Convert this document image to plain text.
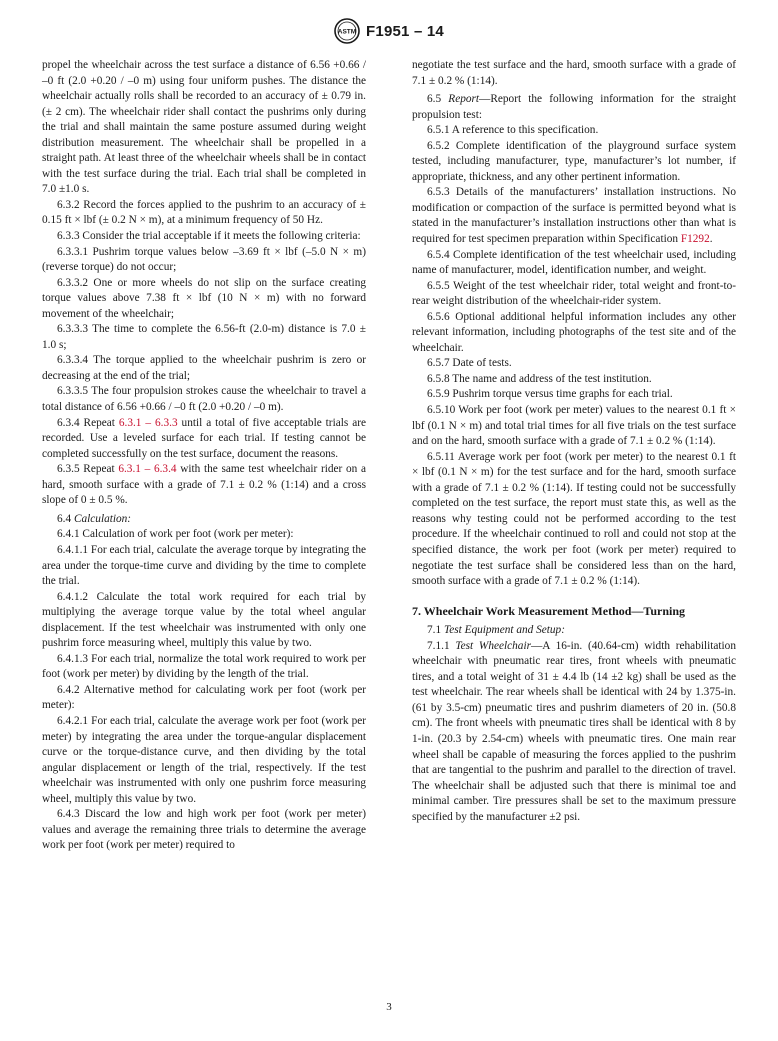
ASTM F1951 – 14

propel the wheelchair across the test surface a distance of 6.56 +0.66 / –0 ft (2.0 +0.20 / –0 m) using four uniform pushes. The distance the wheelchair actually rolls shall be recorded to an accuracy of ± 0.79 in. (± 2 cm). The wheelchair rider shall contact the pushrims only during the trial and shall maintain the same posture assumed during weight distribution measurement. The wheelchair shall be propelled in a straight path. At least three of the wheelchair wheels shall be in contact with the test surface during the trial. Each trial shall be completed in 7.0 ±1.0 s.

6.3.2 Record the forces applied to the pushrim to an accuracy of ± 0.15 ft × lbf (± 0.2 N × m), at a minimum frequency of 50 Hz.

6.3.3 Consider the trial acceptable if it meets the following criteria:

6.3.3.1 Pushrim torque values below –3.69 ft × lbf (–5.0 N × m) (reverse torque) do not occur;

6.3.3.2 One or more wheels do not slip on the surface creating torque values above 7.38 ft × lbf (10 N × m) with no forward movement of the wheelchair;

6.3.3.3 The time to complete the 6.56-ft (2.0-m) distance is 7.0 ± 1.0 s;

6.3.3.4 The torque applied to the wheelchair pushrim is zero or decreasing at the end of the trial;

6.3.3.5 The four propulsion strokes cause the wheelchair to travel a total distance of 6.56 +0.66 / –0 ft (2.0 +0.20 / –0 m).

6.3.4 Repeat 6.3.1 – 6.3.3 until a total of five acceptable trials are recorded. Use a leveled surface for each trial. If testing cannot be completed successfully on the test surface, document the reasons.

6.3.5 Repeat 6.3.1 – 6.3.4 with the same test wheelchair rider on a hard, smooth surface with a grade of 7.1 ± 0.2 % (1:14) and a cross slope of 0 ± 0.5 %.

6.4 Calculation:

6.4.1 Calculation of work per foot (work per meter):

6.4.1.1 For each trial, calculate the average torque by integrating the area under the torque-time curve and dividing by the time to complete the trial.

6.4.1.2 Calculate the total work required for each trial by multiplying the average torque value by the total wheel angular displacement. If the test wheelchair was instrumented with only one pushrim force measuring wheel, multiply this value by two.

6.4.1.3 For each trial, normalize the total work required to work per foot (work per meter) by dividing by the length of the trial.

6.4.2 Alternative method for calculating work per foot (work per meter):

6.4.2.1 For each trial, calculate the average work per foot (work per meter) by integrating the area under the torque-angular displacement curve or the torque-distance curve, and then dividing by the total angular displacement or length of the trial, respectively. If the test wheelchair was instrumented with only one pushrim force measuring wheel, multiply this value by two.

6.4.3 Discard the low and high work per foot (work per meter) values and average the remaining three trials to determine the average work per foot (work per meter) required to

negotiate the test surface and the hard, smooth surface with a grade of 7.1 ± 0.2 % (1:14).

6.5 Report—Report the following information for the straight propulsion test:

6.5.1 A reference to this specification.

6.5.2 Complete identification of the playground surface system tested, including manufacturer, type, manufacturer’s lot number, if appropriate, thickness, and any other pertinent information.

6.5.3 Details of the manufacturers’ installation instructions. No modification or compaction of the surface is permitted beyond what is stated in the manufacturer’s installation instructions other than what is required for test specimen preparation within Specification F1292.

6.5.4 Complete identification of the test wheelchair used, including name of manufacturer, model, identification number, and weight.

6.5.5 Weight of the test wheelchair rider, total weight and front-to-rear weight distribution of the wheelchair-rider system.

6.5.6 Optional additional helpful information includes any other relevant information, including photographs of the test site and of the wheelchair.

6.5.7 Date of tests.

6.5.8 The name and address of the test institution.

6.5.9 Pushrim torque versus time graphs for each trial.

6.5.10 Work per foot (work per meter) values to the nearest 0.1 ft × lbf (0.1 N × m) and total trial times for all five trials on the test surface and on the hard, smooth surface with a grade of 7.1 ± 0.2 % (1:14).

6.5.11 Average work per foot (work per meter) to the nearest 0.1 ft × lbf (0.1 N × m) for the test surface and for the hard, smooth surface with a grade of 7.1 ± 0.2 % (1:14). If testing could not be successfully completed on the test surface, the report must state this, as well as the reasons why testing could not be performed according to the test procedure. If the wheelchair continued to roll and could not stop at the specified distance, the work per foot (work per meter) required to negotiate the test surface shall be considered less than on the hard, smooth surface with a grade of 7.1 ± 0.2 % (1:14).

7. Wheelchair Work Measurement Method—Turning

7.1 Test Equipment and Setup:

7.1.1 Test Wheelchair—A 16-in. (40.64-cm) width rehabilitation wheelchair with pneumatic rear tires, front wheels with pneumatic tires, and a total weight of 31 ± 4.4 lb (14 ±2 kg) shall be used as the test wheelchair. The rear wheels shall be identical with 24 by 1.375-in. (61 by 3.5-cm) pneumatic tires and pushrim diameters of 20 in. (50.8 cm). The front wheels with pneumatic tires shall be identical with 8 by 1-in. (20.3 by 2.54-cm) wheels with pneumatic tires. One main rear wheel shall be capable of measuring the forces applied to the pushrim that are tangential to the pushrim and parallel to the direction of travel. The wheelchair shall be adjusted such that there is minimal toe and minimal camber. Tire pressures shall be set to the maximum pressure specified by the manufacturer ±2 psi.

3
